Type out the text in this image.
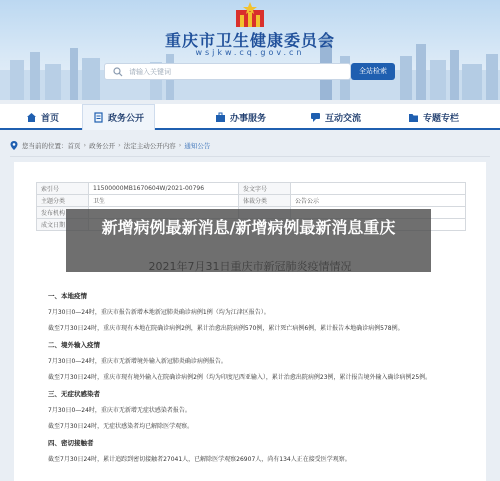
重庆市卫生健康委员会
wsjkw.cq.gov.cn
请输入关键词	全站检索
首页	政务公开	办事服务	互动交流	专题专栏
您当前的位置： 首页 › 政务公开 › 法定主动公开内容 › 通知公告
索引号	11500000MB1670604W/2021-00796	发文字号	
主题分类	卫生	体裁分类	公告公示
发布机构			
成文日期			
一、本地疫情
7月30日0—24时，重庆市报告新增本地新冠肺炎确诊病例1例（均为江津区报告）。
截至7月30日24时，重庆市现有本地在院确诊病例2例，累计治愈出院病例570例，累计死亡病例6例，累计报告本地确诊病例578例。
二、境外输入疫情
7月30日0—24时，重庆市无新增境外输入新冠肺炎确诊病例报告。
截至7月30日24时，重庆市现有境外输入在院确诊病例2例（均为印度尼西亚输入），累计治愈出院病例23例，累计报告境外输入确诊病例25例。
三、无症状感染者
7月30日0—24时，重庆市无新增无症状感染者报告。
截至7月30日24时，无症状感染者均已解除医学观察。
四、密切接触者
截至7月30日24时，累计追踪到密切接触者27041人，已解除医学观察26907人，尚有134人正在接受医学观察。
新增病例最新消息/新增病例最新消息重庆
